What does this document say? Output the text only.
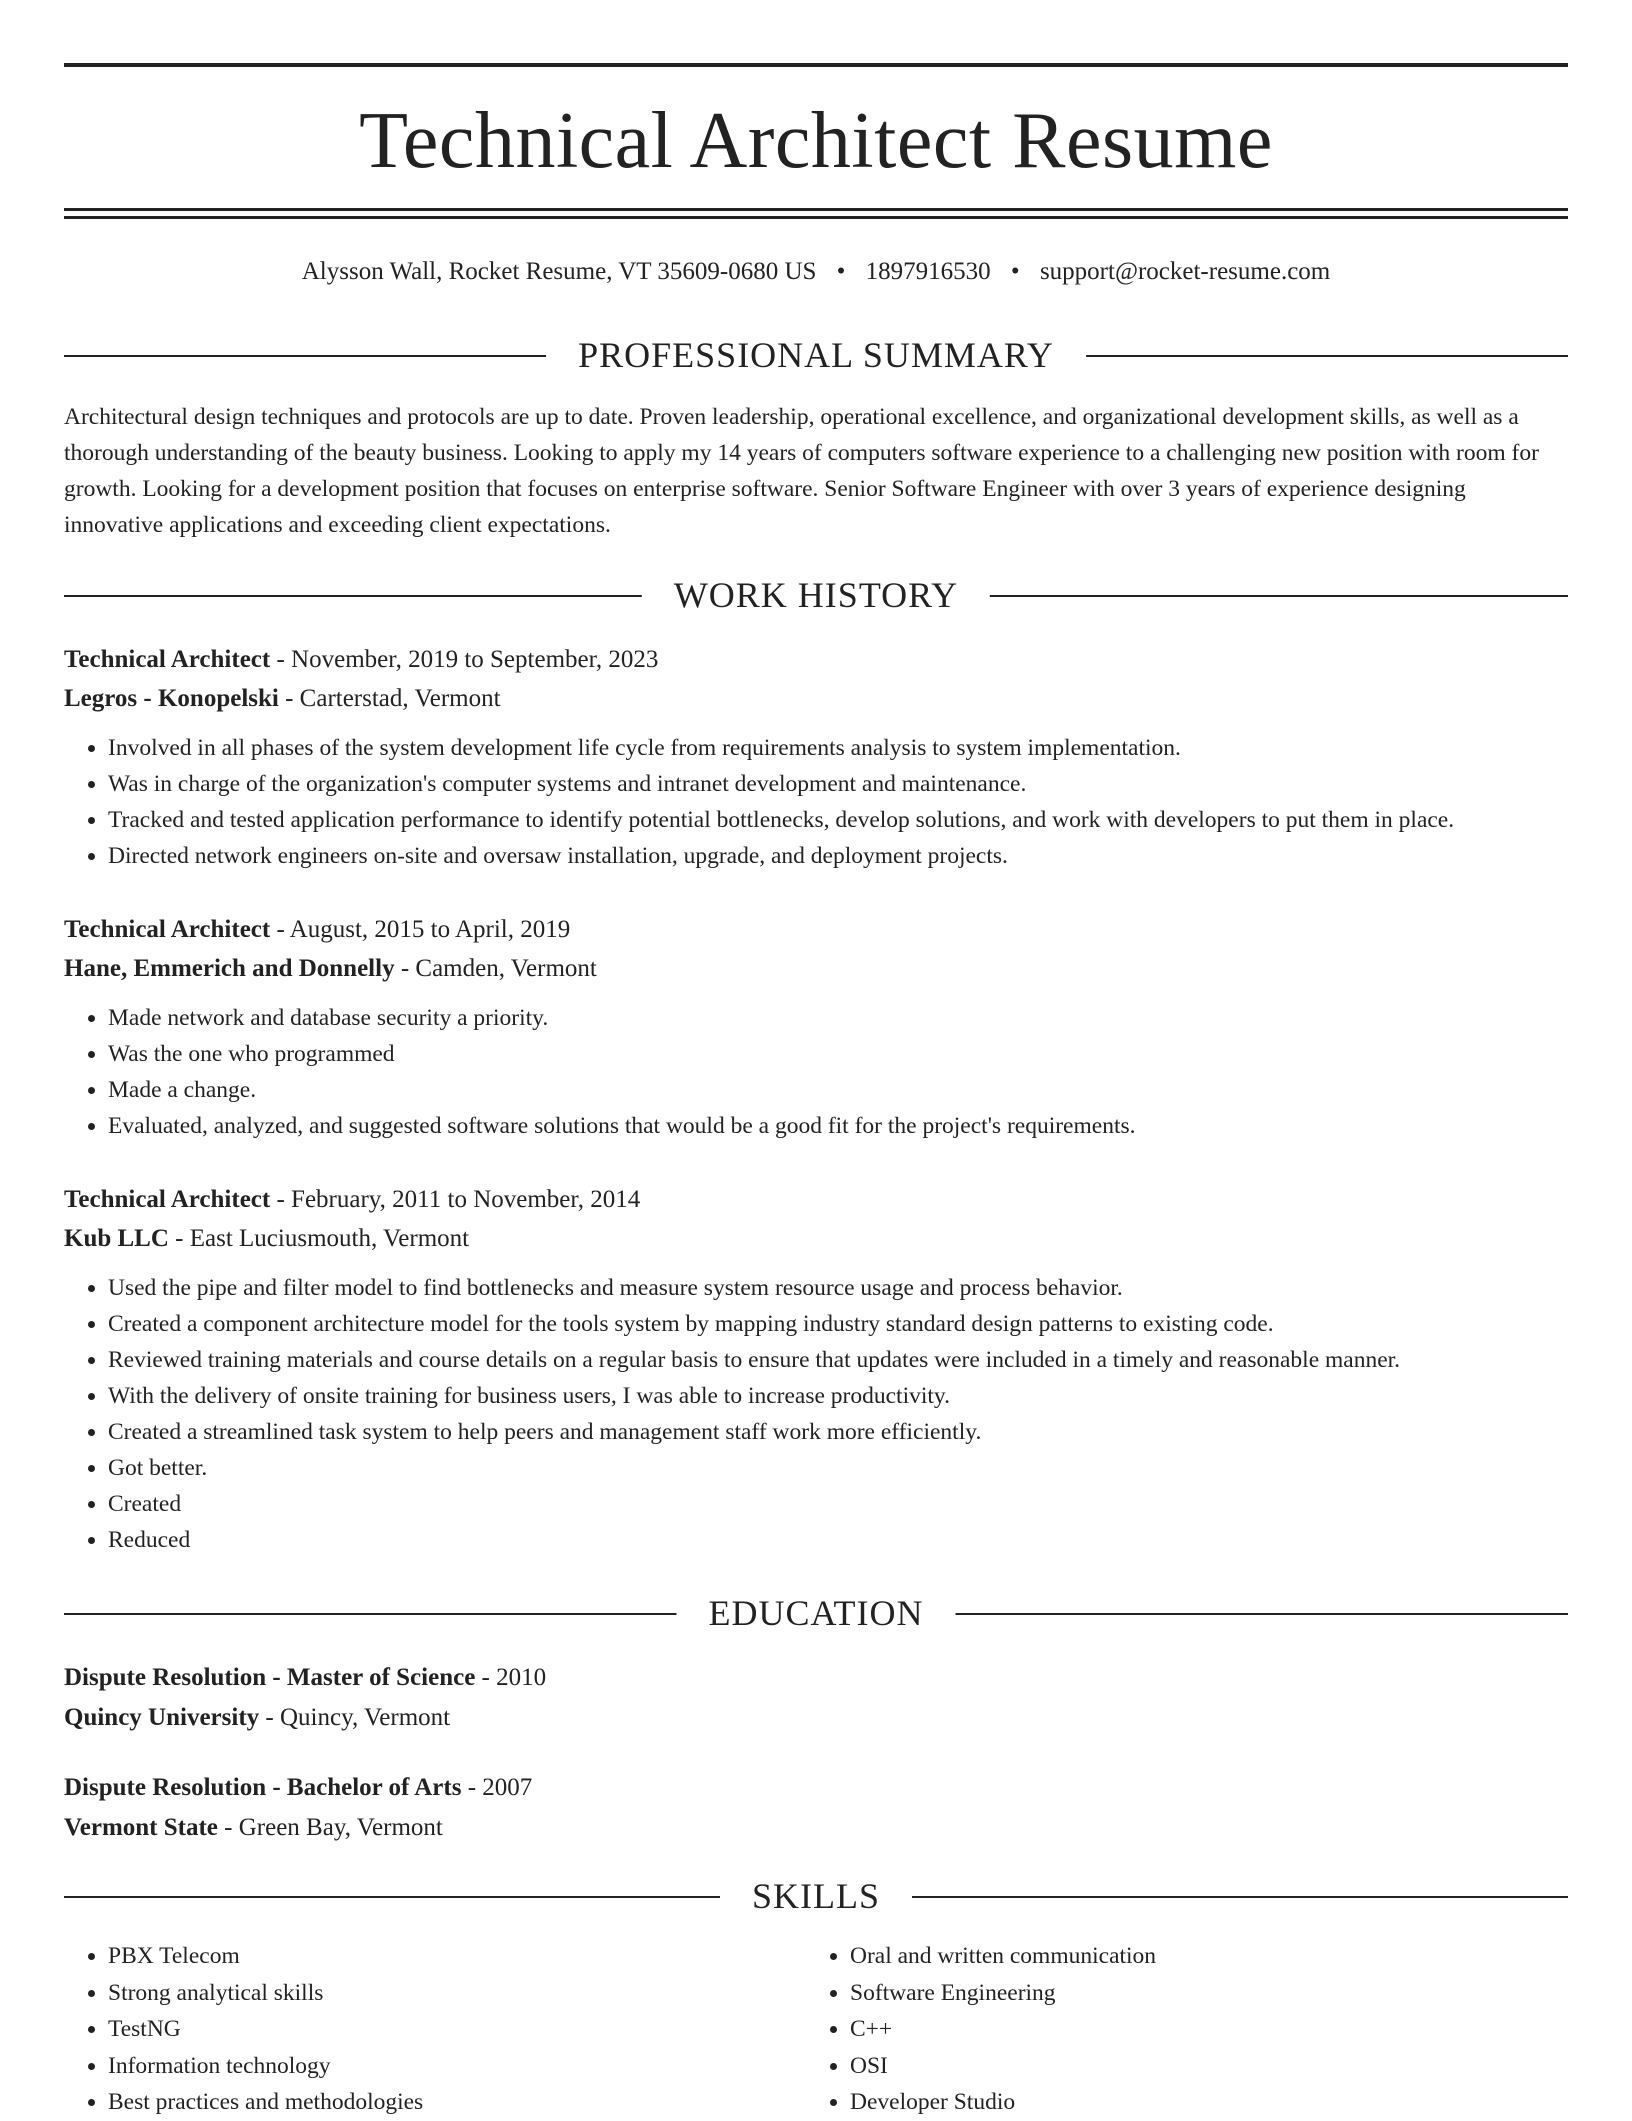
Technical Architect Resume
Alysson Wall, Rocket Resume, VT 35609-0680 US • 1897916530 • support@rocket-resume.com
PROFESSIONAL SUMMARY

Architectural design techniques and protocols are up to date. Proven leadership, operational excellence, and organizational development skills, as well as a thorough understanding of the beauty business. Looking to apply my 14 years of computers software experience to a challenging new position with room for growth. Looking for a development position that focuses on enterprise software. Senior Software Engineer with over 3 years of experience designing innovative applications and exceeding client expectations.

WORK HISTORY
Technical Architect - November, 2019 to September, 2023
Legros - Konopelski - Carterstad, Vermont
• Involved in all phases of the system development life cycle from requirements analysis to system implementation.
• Was in charge of the organization's computer systems and intranet development and maintenance.
• Tracked and tested application performance to identify potential bottlenecks, develop solutions, and work with developers to put them in place.
• Directed network engineers on-site and oversaw installation, upgrade, and deployment projects.
Technical Architect - August, 2015 to April, 2019
Hane, Emmerich and Donnelly - Camden, Vermont
• Made network and database security a priority.
• Was the one who programmed
• Made a change.
• Evaluated, analyzed, and suggested software solutions that would be a good fit for the project's requirements.
Technical Architect - February, 2011 to November, 2014
Kub LLC - East Luciusmouth, Vermont
• Used the pipe and filter model to find bottlenecks and measure system resource usage and process behavior.
• Created a component architecture model for the tools system by mapping industry standard design patterns to existing code.
• Reviewed training materials and course details on a regular basis to ensure that updates were included in a timely and reasonable manner.
• With the delivery of onsite training for business users, I was able to increase productivity.
• Created a streamlined task system to help peers and management staff work more efficiently.
• Got better.
• Created
• Reduced
EDUCATION
Dispute Resolution - Master of Science - 2010
Quincy University - Quincy, Vermont
Dispute Resolution - Bachelor of Arts - 2007
Vermont State - Green Bay, Vermont
SKILLS
• PBX Telecom
• Strong analytical skills
• TestNG
• Information technology
• Best practices and methodologies
• Oral and written communication
• Software Engineering
• C++
• OSI
• Developer Studio
